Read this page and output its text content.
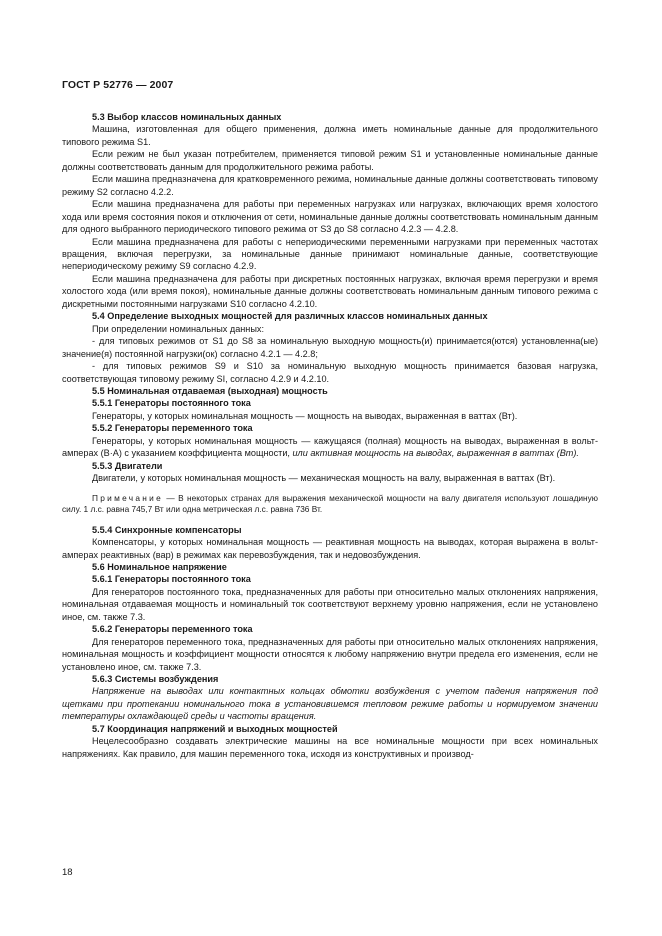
ГОСТ Р 52776 — 2007
5.3 Выбор классов номинальных данных

Машина, изготовленная для общего применения, должна иметь номинальные данные для продолжительного типового режима S1.

Если режим не был указан потребителем, применяется типовой режим S1 и установленные номинальные данные должны соответствовать данным для продолжительного режима работы.

Если машина предназначена для кратковременного режима, номинальные данные должны соответствовать типовому режиму S2 согласно 4.2.2.

Если машина предназначена для работы при переменных нагрузках или нагрузках, включающих время холостого хода или время состояния покоя и отключения от сети, номинальные данные должны соответствовать номинальным данным для одного выбранного периодического типового режима от S3 до S8 согласно 4.2.3 — 4.2.8.

Если машина предназначена для работы с непериодическими переменными нагрузками при переменных частотах вращения, включая перегрузки, за номинальные данные принимают номинальные данные, соответствующие непериодическому режиму S9 согласно 4.2.9.

Если машина предназначена для работы при дискретных постоянных нагрузках, включая время перегрузки и время холостого хода (или время покоя), номинальные данные должны соответствовать номинальным данным типового режима с дискретными постоянными нагрузками S10 согласно 4.2.10.

5.4 Определение выходных мощностей для различных классов номинальных данных

При определении номинальных данных:

- для типовых режимов от S1 до S8 за номинальную выходную мощность(и) принимается(ются) установленна(ые) значение(я) постоянной нагрузки(ок) согласно 4.2.1 — 4.2.8;

- для типовых режимов S9 и S10 за номинальную выходную мощность принимается базовая нагрузка, соответствующая типовому режиму SI, согласно 4.2.9 и 4.2.10.

5.5 Номинальная отдаваемая (выходная) мощность
5.5.1 Генераторы постоянного тока

Генераторы, у которых номинальная мощность — мощность на выводах, выраженная в ваттах (Вт).

5.5.2 Генераторы переменного тока

Генераторы, у которых номинальная мощность — кажущаяся (полная) мощность на выводах, выраженная в вольт-амперах (В·А) с указанием коэффициента мощности, или активная мощность на выводах, выраженная в ваттах (Вт).

5.5.3 Двигатели

Двигатели, у которых номинальная мощность — механическая мощность на валу, выраженная в ваттах (Вт).

Примечание — В некоторых странах для выражения механической мощности на валу двигателя используют лошадиную силу. 1 л.с. равна 745,7 Вт или одна метрическая л.с. равна 736 Вт.

5.5.4 Синхронные компенсаторы

Компенсаторы, у которых номинальная мощность — реактивная мощность на выводах, которая выражена в вольт-амперах реактивных (вар) в режимах как перевозбуждения, так и недовозбуждения.

5.6 Номинальное напряжение
5.6.1 Генераторы постоянного тока

Для генераторов постоянного тока, предназначенных для работы при относительно малых отклонениях напряжения, номинальная отдаваемая мощность и номинальный ток соответствуют верхнему уровню напряжения, если не установлено иное, см. также 7.3.

5.6.2 Генераторы переменного тока

Для генераторов переменного тока, предназначенных для работы при относительно малых отклонениях напряжения, номинальная мощность и коэффициент мощности относятся к любому напряжению внутри предела его изменения, если не установлено иное, см. также 7.3.

5.6.3 Системы возбуждения

Напряжение на выводах или контактных кольцах обмотки возбуждения с учетом падения напряжения под щетками при протекании номинального тока в установившемся тепловом режиме работы и нормируемом значении температуры охлаждающей среды и частоты вращения.

5.7 Координация напряжений и выходных мощностей

Нецелесообразно создавать электрические машины на все номинальные мощности при всех номинальных напряжениях. Как правило, для машин переменного тока, исходя из конструктивных и производ-

18
